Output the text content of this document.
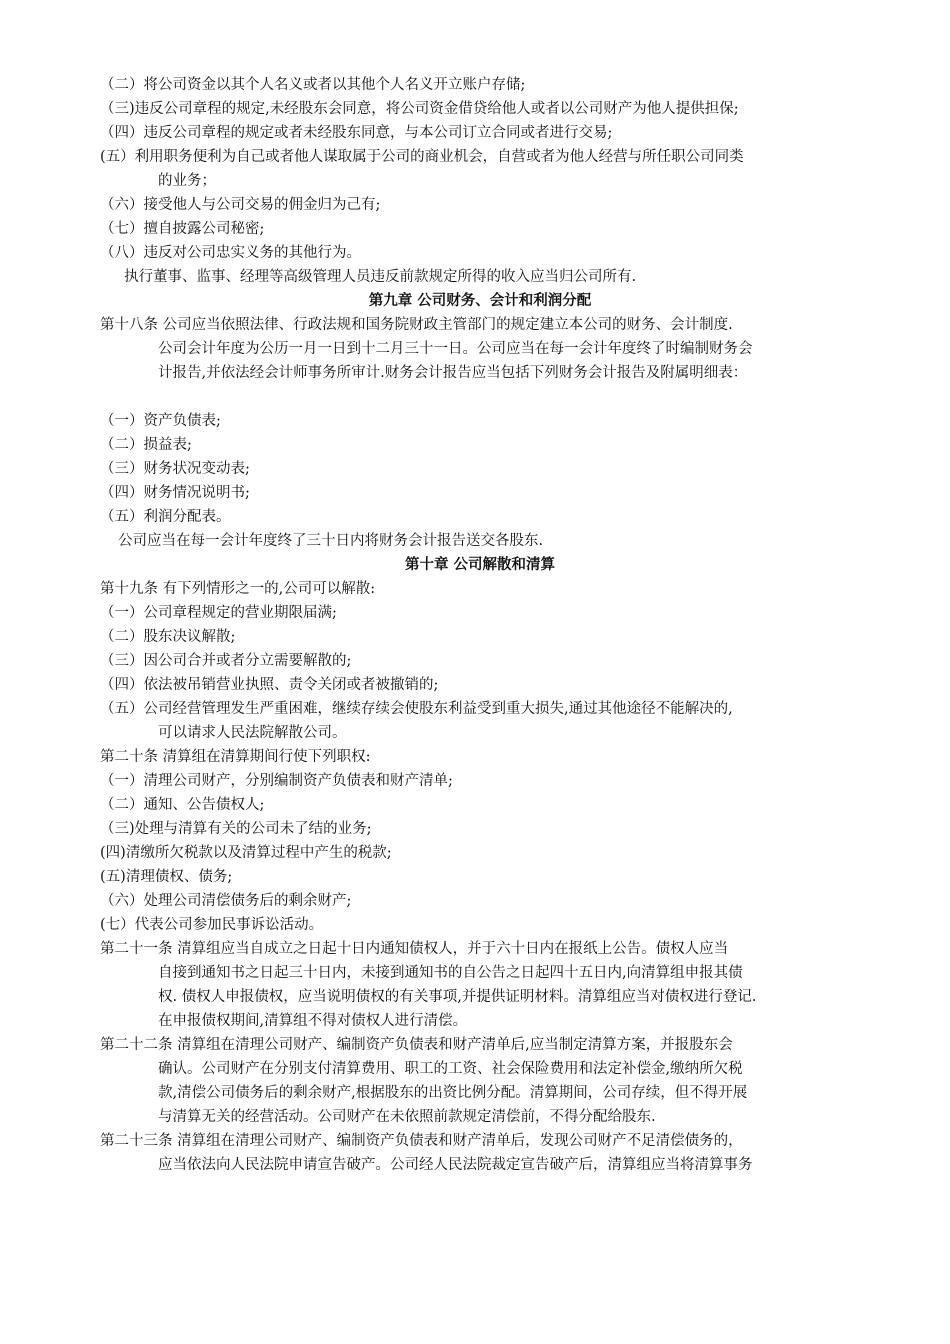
（二）将公司资金以其个人名义或者以其他个人名义开立账户存储;
（三)违反公司章程的规定,未经股东会同意，将公司资金借贷给他人或者以公司财产为他人提供担保;
（四）违反公司章程的规定或者未经股东同意，与本公司订立合同或者进行交易;
(五）利用职务便利为自己或者他人谋取属于公司的商业机会，自营或者为他人经营与所任职公司同类
的业务；
（六）接受他人与公司交易的佣金归为己有;
（七）擅自披露公司秘密;
（八）违反对公司忠实义务的其他行为。
执行董事、监事、经理等高级管理人员违反前款规定所得的收入应当归公司所有.
第九章 公司财务、会计和利润分配
第十八条 公司应当依照法律、行政法规和国务院财政主管部门的规定建立本公司的财务、会计制度.
公司会计年度为公历一月一日到十二月三十一日。公司应当在每一会计年度终了时编制财务会
计报告,并依法经会计师事务所审计.财务会计报告应当包括下列财务会计报告及附属明细表：
（一）资产负债表;
（二）损益表;
（三）财务状况变动表;
（四）财务情况说明书;
（五）利润分配表。
公司应当在每一会计年度终了三十日内将财务会计报告送交各股东.
第十章 公司解散和清算
第十九条 有下列情形之一的,公司可以解散:
（一）公司章程规定的营业期限届满;
（二）股东决议解散;
（三）因公司合并或者分立需要解散的;
（四）依法被吊销营业执照、责令关闭或者被撤销的;
（五）公司经营管理发生严重困难，继续存续会使股东利益受到重大损失,通过其他途径不能解决的,
可以请求人民法院解散公司。
第二十条 清算组在清算期间行使下列职权:
（一）清理公司财产，分别编制资产负债表和财产清单;
（二）通知、公告债权人;
（三)处理与清算有关的公司未了结的业务;
(四)清缴所欠税款以及清算过程中产生的税款;
(五)清理债权、债务;
（六）处理公司清偿债务后的剩余财产;
(七）代表公司参加民事诉讼活动。
第二十一条 清算组应当自成立之日起十日内通知债权人，并于六十日内在报纸上公告。债权人应当
自接到通知书之日起三十日内，未接到通知书的自公告之日起四十五日内,向清算组申报其债
权. 债权人申报债权，应当说明债权的有关事项,并提供证明材料。清算组应当对债权进行登记.
在申报债权期间,清算组不得对债权人进行清偿。
第二十二条 清算组在清理公司财产、编制资产负债表和财产清单后,应当制定清算方案，并报股东会
确认。公司财产在分别支付清算费用、职工的工资、社会保险费用和法定补偿金,缴纳所欠税
款,清偿公司债务后的剩余财产,根据股东的出资比例分配。清算期间，公司存续，但不得开展
与清算无关的经营活动。公司财产在未依照前款规定清偿前，不得分配给股东.
第二十三条 清算组在清理公司财产、编制资产负债表和财产清单后，发现公司财产不足清偿债务的，
应当依法向人民法院申请宣告破产。公司经人民法院裁定宣告破产后，清算组应当将清算事务
